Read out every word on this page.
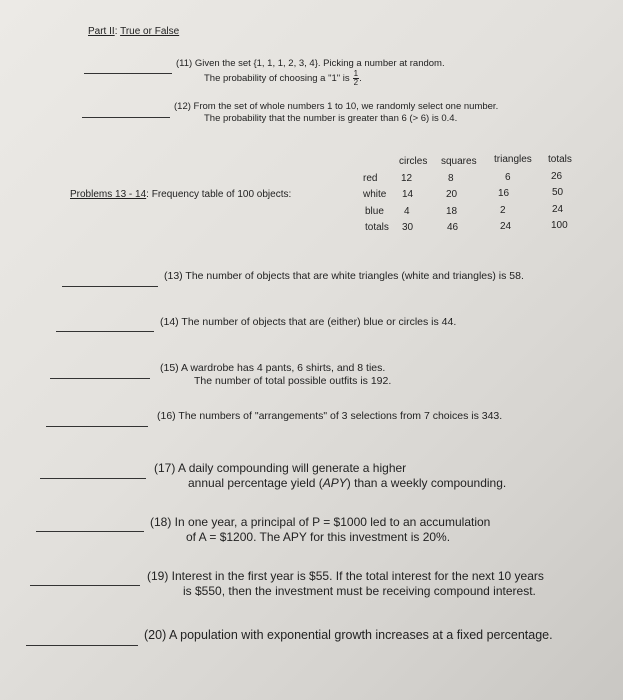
Part II: True or False
(11) Given the set {1, 1, 1, 2, 3, 4}. Picking a number at random.
The probability of choosing a "1" is $\frac{1}{2}$ .
(12) From the set of whole numbers 1 to 10, we randomly select one number.
The probability that the number is greater than 6 (> 6) is 0.4.
Problems 13 - 14: Frequency table of 100 objects:
circles squares triangles totals
red 12	8	6	26
white 14	20	16	50
blue 4	18	2	24
totals 30	46	24	100
(13) The number of objects that are white triangles (white and triangles) is 58.
(14) The number of objects that are (either) blue or circles is 44.
(15) A wardrobe has 4 pants, 6 shirts, and 8 ties.
The number of total possible outfits is 192.
(16) The numbers of "arrangements" of 3 selections from 7 choices is 343.
(17) A daily compounding will generate a higher
annual percentage yield (APY) than a weekly compounding.
(18) In one year, a principal of P = $1000 led to an accumulation
of A = $1200. The APY for this investment is 20%.
(19) Interest in the first year is $55. If the total interest for the next 10 years
is $550, then the investment must be receiving compound interest.
(20) A population with exponential growth increases at a fixed percentage.
